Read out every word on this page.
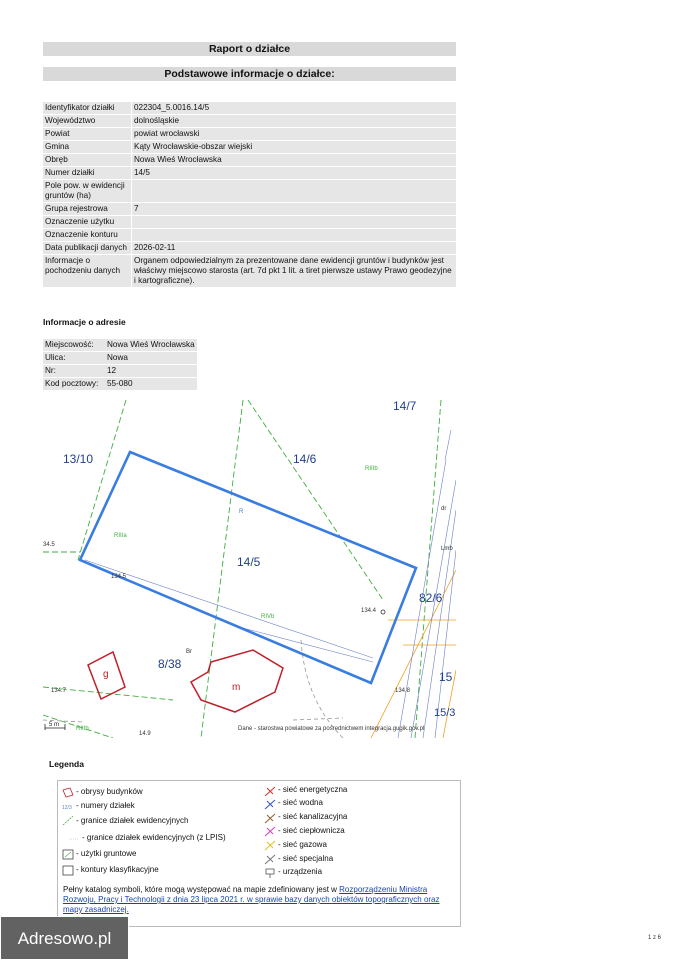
Raport o działce
Podstawowe informacje o działce:
Identyfikator działki	022304_5.0016.14/5
Województwo	dolnośląskie
Powiat	powiat wrocławski
Gmina	Kąty Wrocławskie-obszar wiejski
Obręb	Nowa Wieś Wrocławska
Numer działki	14/5
Pole pow. w ewidencji gruntów (ha)	
Grupa rejestrowa	7
Oznaczenie użytku	
Oznaczenie konturu	
Data publikacji danych	2026-02-11
Informacje o pochodzeniu danych	Organem odpowiedzialnym za prezentowane dane ewidencji gruntów i budynków jest właściwy miejscowo starosta (art. 7d pkt 1 lit. a tiret pierwsze ustawy Prawo geodezyjne i kartograficzne).
Informacje o adresie
Miejscowość:	Nowa Wieś Wrocławska
Ulica:	Nowa
Nr:	12
Kod pocztowy:	55-080
14/7
13/10	14/6
14/5
82/6
8/38
15
15/3
RIIIb
RIIIa
RIVb
RIIIb
R
Br
dr
Lmb
34.5
134.5
134.4
134.7	134.8
14.9
g
m
5 m
Dane - starostwa powiatowe za pośrednictwem integracja.gugik.gov.pl
Legenda
- obrysy budynków
12/3 - numery działek
- granice działek ewidencyjnych
- granice działek ewidencyjnych (z LPIS)
- użytki gruntowe
- kontury klasyfikacyjne
- sieć energetyczna
- sieć wodna
- sieć kanalizacyjna
- sieć ciepłownicza
- sieć gazowa
- sieć specjalna
- urządzenia
Pełny katalog symboli, które mogą występować na mapie zdefiniowany jest w Rozporządzeniu Ministra Rozwoju, Pracy i Technologii z dnia 23 lipca 2021 r. w sprawie bazy danych obiektów topograficznych oraz mapy zasadniczej.
Adresowo.pl	1 z 6
